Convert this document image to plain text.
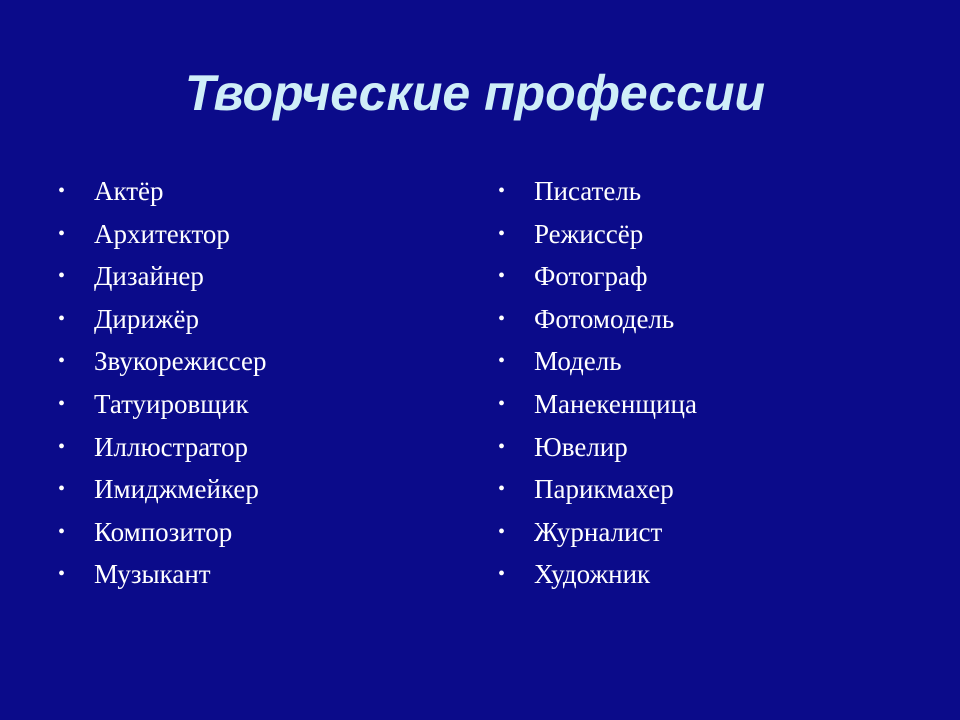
Творческие профессии
•	Актёр
•	Архитектор
•	Дизайнер
•	Дирижёр
•	Звукорежиссер
•	Татуировщик
•	Иллюстратор
•	Имиджмейкер
•	Композитор
•	Музыкант
•	Писатель
•	Режиссёр
•	Фотограф
•	Фотомодель
•	Модель
•	Манекенщица
•	Ювелир
•	Парикмахер
•	Журналист
•	Художник
